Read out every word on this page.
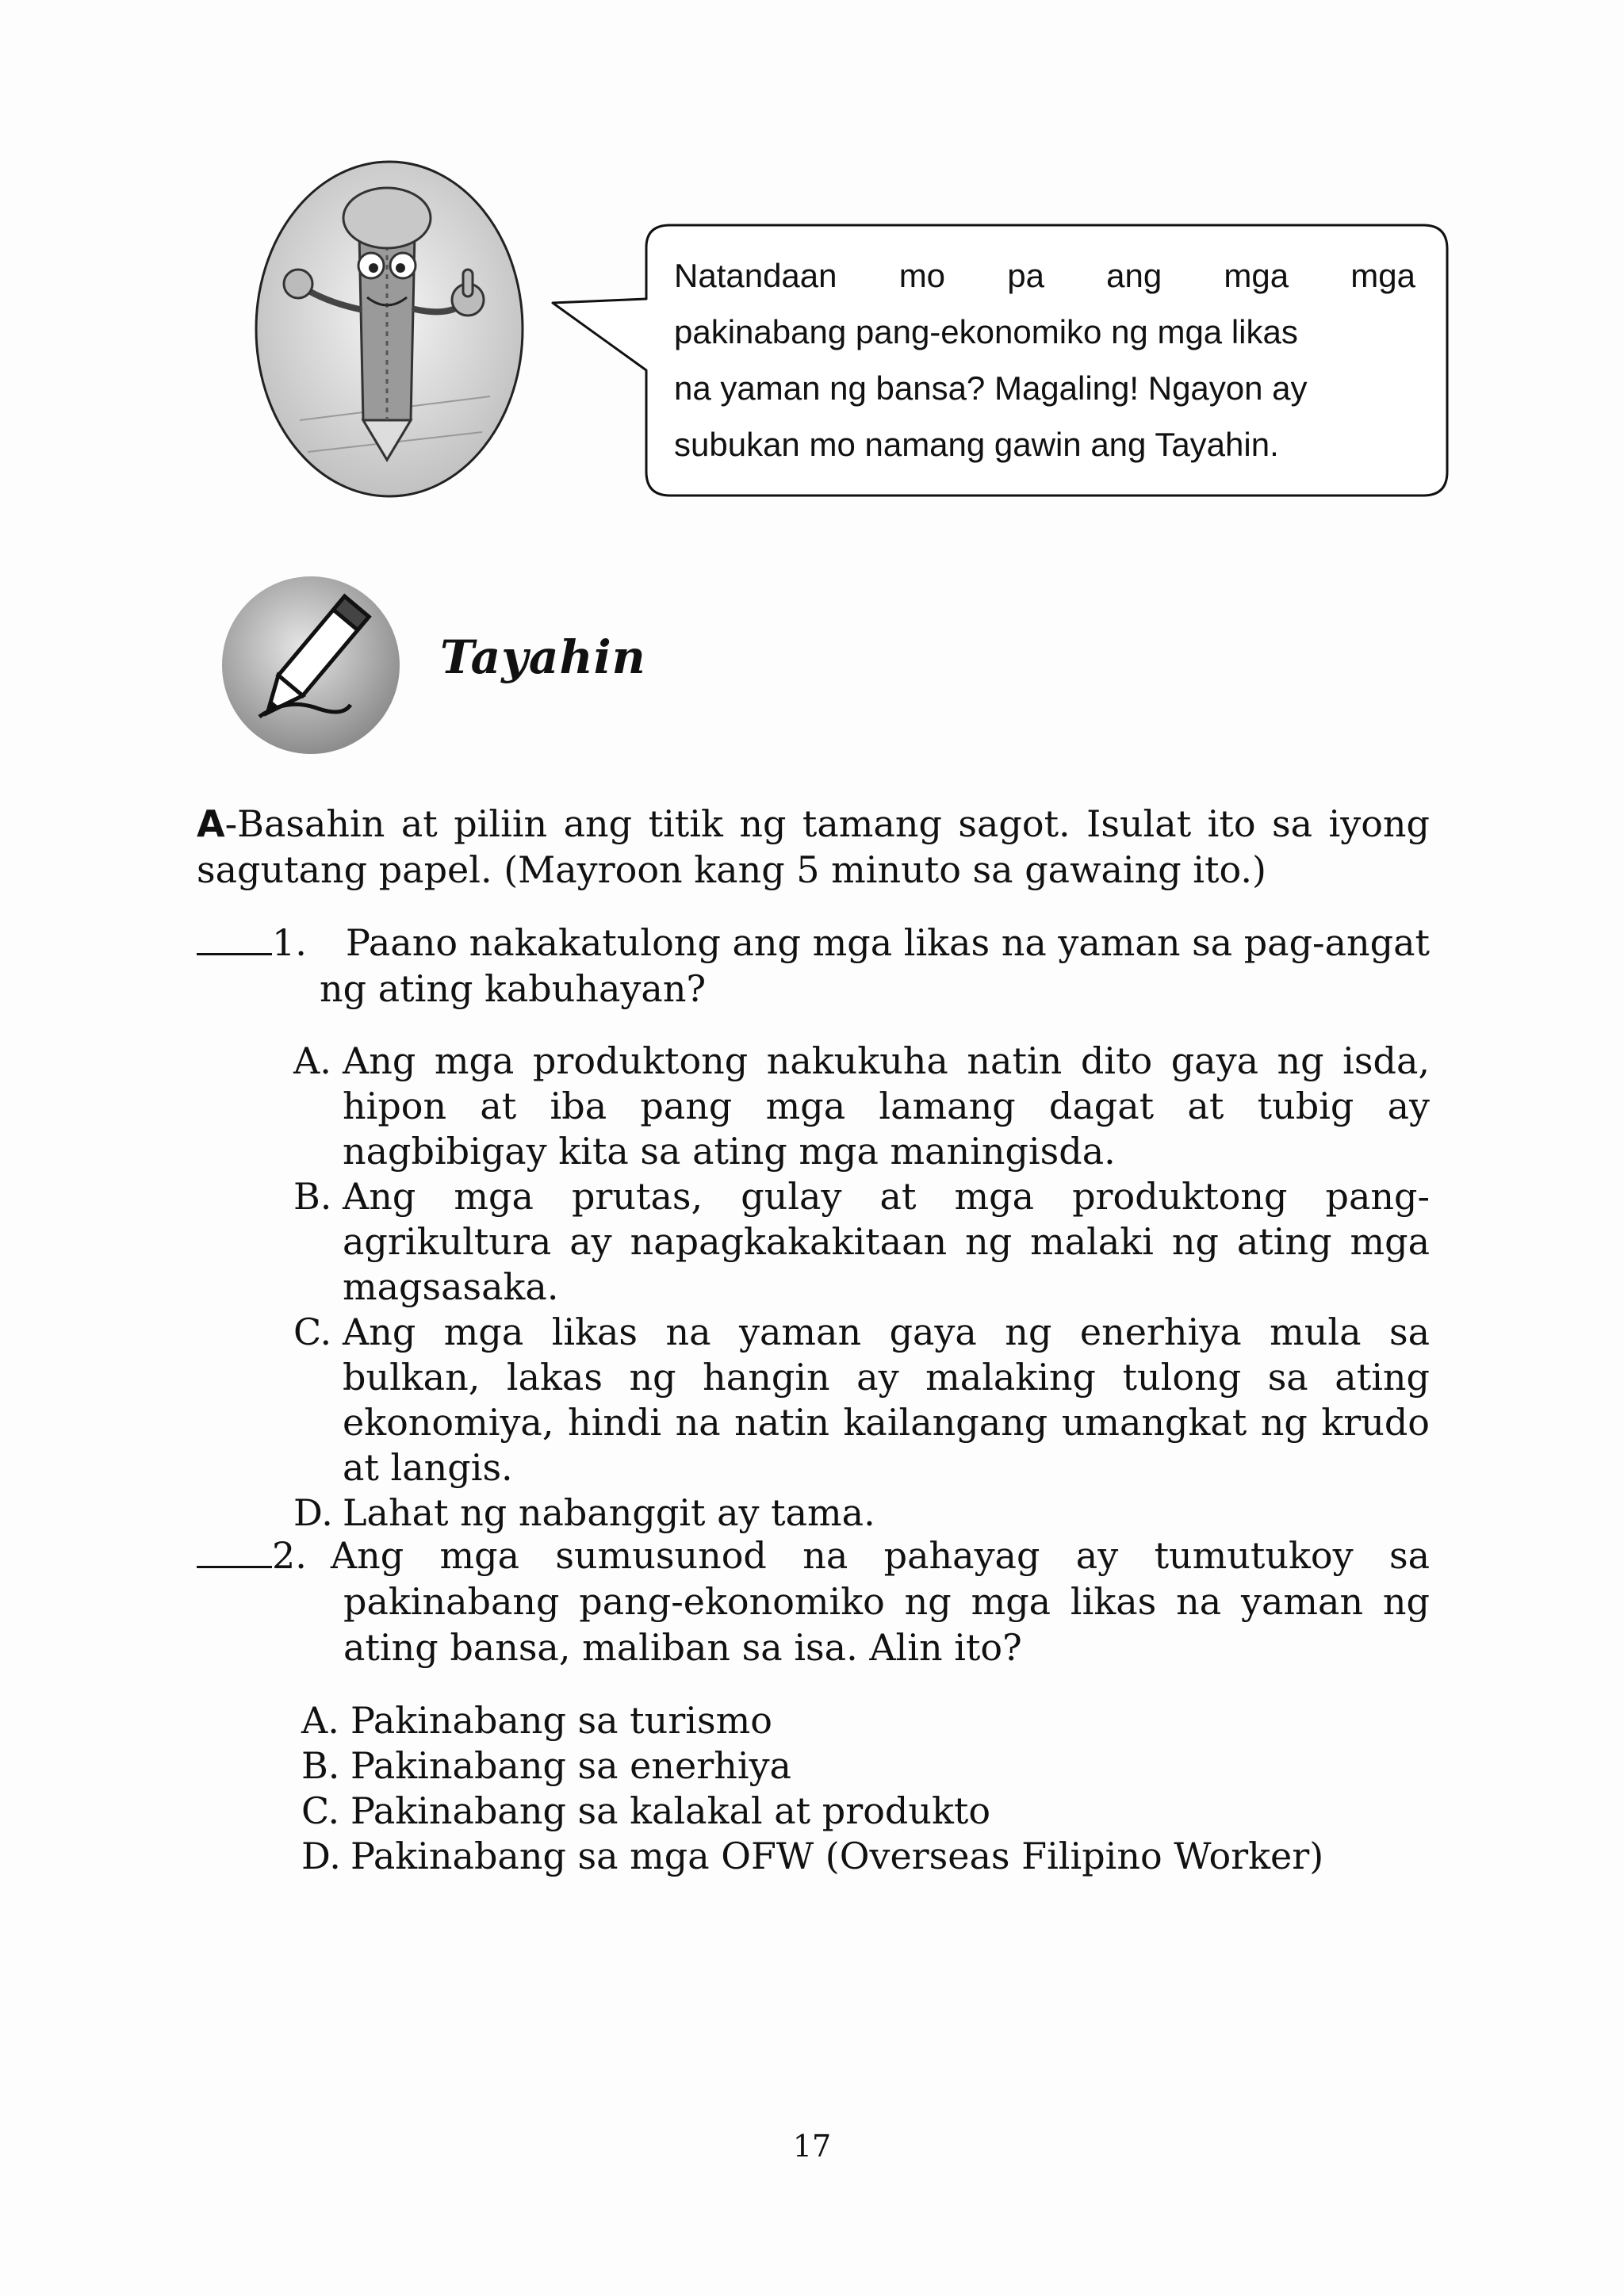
Natandaan mo pa ang mga mga
pakinabang pang-ekonomiko ng mga likas
na yaman ng bansa? Magaling! Ngayon ay
subukan mo namang gawin ang Tayahin.
Tayahin
A-Basahin at piliin ang titik ng tamang sagot. Isulat ito sa iyong sagutang papel. (Mayroon kang 5 minuto sa gawaing ito.)
1. Paano nakakatulong ang mga likas na yaman sa pag-angat
ng ating kabuhayan?
A. Ang mga produktong nakukuha natin dito gaya ng isda, hipon at iba pang mga lamang dagat at tubig ay nagbibigay kita sa ating mga maningisda.
B. Ang mga prutas, gulay at mga produktong pang-agrikultura ay napagkakakitaan ng malaki ng ating mga magsasaka.
C. Ang mga likas na yaman gaya ng enerhiya mula sa bulkan, lakas ng hangin ay malaking tulong sa ating ekonomiya, hindi na natin kailangang umangkat ng krudo at langis.
D. Lahat ng nabanggit ay tama.
2. Ang mga sumusunod na pahayag ay tumutukoy sa
pakinabang pang-ekonomiko ng mga likas na yaman ng
ating bansa, maliban sa isa. Alin ito?
A. Pakinabang sa turismo
B. Pakinabang sa enerhiya
C. Pakinabang sa kalakal at produkto
D. Pakinabang sa mga OFW (Overseas Filipino Worker)
17
